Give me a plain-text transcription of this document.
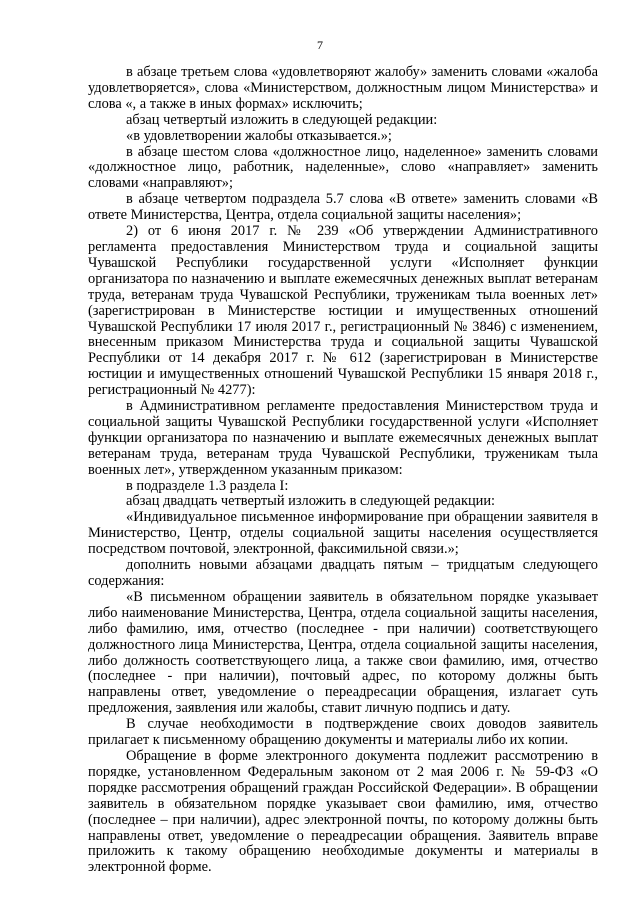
7

в абзаце третьем слова «удовлетворяют жалобу» заменить словами «жалоба удовлетворяется», слова «Министерством, должностным лицом Министерства» и слова «, а также в иных формах» исключить;

абзац четвертый изложить в следующей редакции:

«в удовлетворении жалобы отказывается.»;

в абзаце шестом слова «должностное лицо, наделенное» заменить словами «должностное лицо, работник, наделенные», слово «направляет» заменить словами «направляют»;

в абзаце четвертом подраздела 5.7 слова «В ответе» заменить словами «В ответе Министерства, Центра, отдела социальной защиты населения»;

2) от 6 июня 2017 г. № 239 «Об утверждении Административного регламента предоставления Министерством труда и социальной защиты Чувашской Республики государственной услуги «Исполняет функции организатора по назначению и выплате ежемесячных денежных выплат ветеранам труда, ветеранам труда Чувашской Республики, труженикам тыла военных лет» (зарегистрирован в Министерстве юстиции и имущественных отношений Чувашской Республики 17 июля 2017 г., регистрационный № 3846) с изменением, внесенным приказом Министерства труда и социальной защиты Чувашской Республики от 14 декабря 2017 г. № 612 (зарегистрирован в Министерстве юстиции и имущественных отношений Чувашской Республики 15 января 2018 г., регистрационный № 4277):

в Административном регламенте предоставления Министерством труда и социальной защиты Чувашской Республики государственной услуги «Исполняет функции организатора по назначению и выплате ежемесячных денежных выплат ветеранам труда, ветеранам труда Чувашской Республики, труженикам тыла военных лет», утвержденном указанным приказом:

в подразделе 1.3 раздела I:

абзац двадцать четвертый изложить в следующей редакции:

«Индивидуальное письменное информирование при обращении заявителя в Министерство, Центр, отделы социальной защиты населения осуществляется посредством почтовой, электронной, факсимильной связи.»;

дополнить новыми абзацами двадцать пятым – тридцатым следующего содержания:

«В письменном обращении заявитель в обязательном порядке указывает либо наименование Министерства, Центра, отдела социальной защиты населения, либо фамилию, имя, отчество (последнее - при наличии) соответствующего должностного лица Министерства, Центра, отдела социальной защиты населения, либо должность соответствующего лица, а также свои фамилию, имя, отчество (последнее - при наличии), почтовый адрес, по которому должны быть направлены ответ, уведомление о переадресации обращения, излагает суть предложения, заявления или жалобы, ставит личную подпись и дату.

В случае необходимости в подтверждение своих доводов заявитель прилагает к письменному обращению документы и материалы либо их копии.

Обращение в форме электронного документа подлежит рассмотрению в порядке, установленном Федеральным законом от 2 мая 2006 г. № 59-ФЗ «О порядке рассмотрения обращений граждан Российской Федерации». В обращении заявитель в обязательном порядке указывает свои фамилию, имя, отчество (последнее – при наличии), адрес электронной почты, по которому должны быть направлены ответ, уведомление о переадресации обращения. Заявитель вправе приложить к такому обращению необходимые документы и материалы в электронной форме.
